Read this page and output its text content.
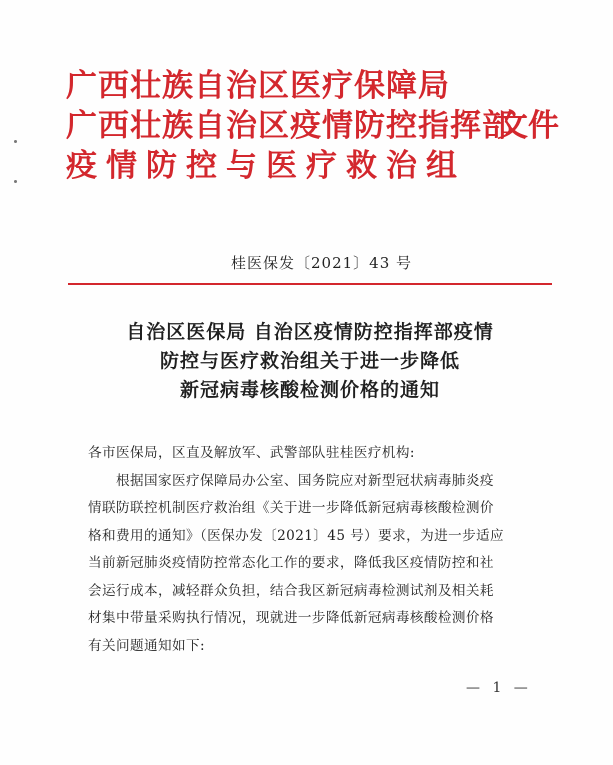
广西壮族自治区医疗保障局
广西壮族自治区疫情防控指挥部
疫情防控与医疗救治组
文件
桂医保发〔2021〕43 号
自治区医保局 自治区疫情防控指挥部疫情
防控与医疗救治组关于进一步降低
新冠病毒核酸检测价格的通知
各市医保局，区直及解放军、武警部队驻桂医疗机构:
根据国家医疗保障局办公室、国务院应对新型冠状病毒肺炎疫
情联防联控机制医疗救治组《关于进一步降低新冠病毒核酸检测价
格和费用的通知》（医保办发〔2021〕45 号）要求，为进一步适应
当前新冠肺炎疫情防控常态化工作的要求，降低我区疫情防控和社
会运行成本，减轻群众负担，结合我区新冠病毒检测试剂及相关耗
材集中带量采购执行情况，现就进一步降低新冠病毒核酸检测价格
有关问题通知如下:
— 1 —
